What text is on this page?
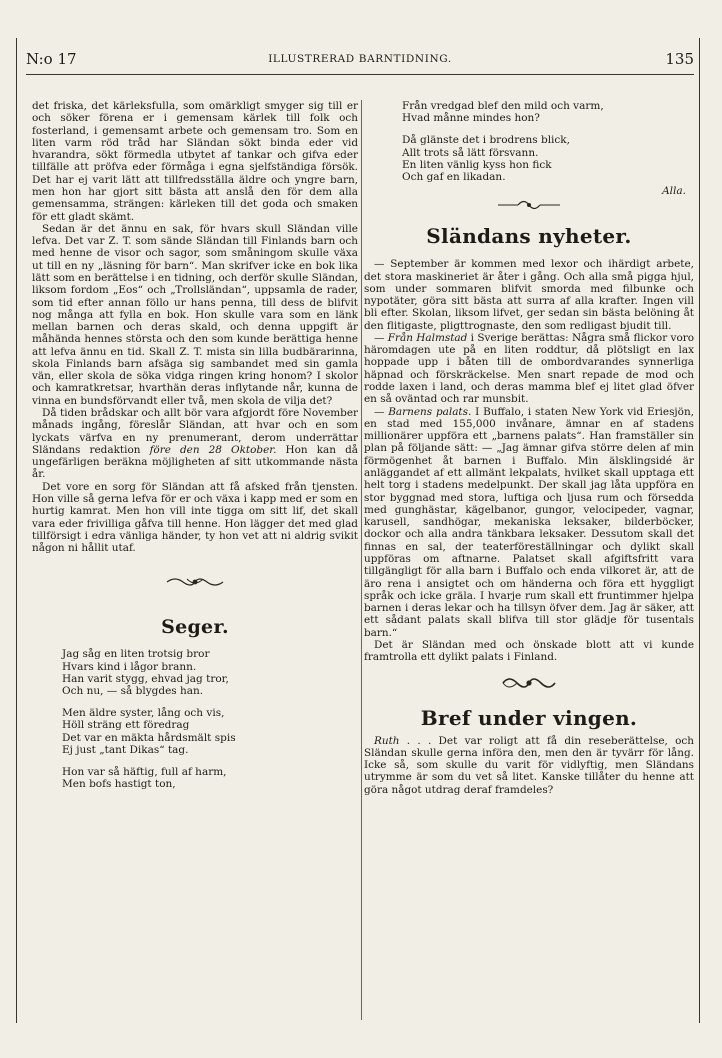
N:o 17	ILLUSTRERAD BARNTIDNING.	135

det friska, det kärleksfulla, som omärkligt smyger sig till er och söker förena er i gemensam kärlek till folk och fosterland, i gemensamt arbete och gemensam tro. Som en liten varm röd tråd har Sländan sökt binda eder vid hvarandra, sökt förmedla utbytet af tankar och gifva eder tillfälle att pröfva eder förmåga i egna sjelfständiga försök. Det har ej varit lätt att tillfredsställa äldre och yngre barn, men hon har gjort sitt bästa att anslå den för dem alla gemensamma, strängen: kärleken till det goda och smaken för ett gladt skämt.

Sedan är det ännu en sak, för hvars skull Sländan ville lefva. Det var Z. T. som sände Sländan till Finlands barn och med henne de visor och sagor, som småningom skulle växa ut till en ny „läsning för barn“. Man skrifver icke en bok lika lätt som en berättelse i en tidning, och derför skulle Sländan, liksom fordom „Eos“ och „Trollsländan“, uppsamla de rader, som tid efter annan föllo ur hans penna, till dess de blifvit nog många att fylla en bok. Hon skulle vara som en länk mellan barnen och deras skald, och denna uppgift är måhända hennes största och den som kunde berättiga henne att lefva ännu en tid. Skall Z. T. mista sin lilla budbärarinna, skola Finlands barn afsäga sig sambandet med sin gamla vän, eller skola de söka vidga ringen kring honom? I skolor och kamratkretsar, hvarthän deras inflytande når, kunna de vinna en bundsförvandt eller två, men skola de vilja det?

Då tiden brådskar och allt bör vara afgjordt före November månads ingång, föreslår Sländan, att hvar och en som lyckats värfva en ny prenumerant, derom underrättar Sländans redaktion före den 28 Oktober. Hon kan då ungefärligen beräkna möjligheten af sitt utkommande nästa år.

Det vore en sorg för Sländan att få afsked från tjensten. Hon ville så gerna lefva för er och växa i kapp med er som en hurtig kamrat. Men hon vill inte tigga om sitt lif, det skall vara eder frivilliga gåfva till henne. Hon lägger det med glad tillförsigt i edra vänliga händer, ty hon vet att ni aldrig svikit någon ni hållit utaf.

Seger.
Jag såg en liten trotsig bror
Hvars kind i lågor brann.
Han varit stygg, ehvad jag tror,
Och nu, — så blygdes han.
Men äldre syster, lång och vis,
Höll sträng ett föredrag
Det var en mäkta hårdsmält spis
Ej just „tant Dikas“ tag.
Hon var så häftig, full af harm,
Men bofs hastigt ton,
Från vredgad blef den mild och varm,
Hvad månne mindes hon?
Då glänste det i brodrens blick,
Allt trots så lätt försvann.
En liten vänlig kyss hon fick
Och gaf en likadan.

Alla.

Sländans nyheter.

— September är kommen med lexor och ihärdigt arbete, det stora maskineriet är åter i gång. Och alla små pigga hjul, som under sommaren blifvit smorda med filbunke och nypotäter, göra sitt bästa att surra af alla krafter. Ingen vill bli efter. Skolan, liksom lifvet, ger sedan sin bästa belöning åt den flitigaste, pligttrognaste, den som redligast bjudit till.

— Från Halmstad i Sverige berättas: Några små flickor voro häromdagen ute på en liten roddtur, då plötsligt en lax hoppade upp i båten till de ombordvarandes synnerliga häpnad och förskräckelse. Men snart repade de mod och rodde laxen i land, och deras mamma blef ej litet glad öfver en så oväntad och rar munsbit.

— Barnens palats. I Buffalo, i staten New York vid Eriesjön, en stad med 155,000 invånare, ämnar en af stadens millionärer uppföra ett „barnens palats“. Han framställer sin plan på följande sätt: — „Jag ämnar gifva större delen af min förmögenhet åt barnen i Buffalo. Min älsklingsidé är anläggandet af ett allmänt lekpalats, hvilket skall upptaga ett helt torg i stadens medelpunkt. Der skall jag låta uppföra en stor byggnad med stora, luftiga och ljusa rum och försedda med gunghästar, kägelbanor, gungor, velocipeder, vagnar, karusell, sandhögar, mekaniska leksaker, bilderböcker, dockor och alla andra tänkbara leksaker. Dessutom skall det finnas en sal, der teaterföreställningar och dylikt skall uppföras om aftnarne. Palatset skall afgiftsfritt vara tillgängligt för alla barn i Buffalo och enda vilkoret är, att de äro rena i ansigtet och om händerna och föra ett hyggligt språk och icke gräla. I hvarje rum skall ett fruntimmer hjelpa barnen i deras lekar och ha tillsyn öfver dem. Jag är säker, att ett sådant palats skall blifva till stor glädje för tusentals barn.“

Det är Sländan med och önskade blott att vi kunde framtrolla ett dylikt palats i Finland.

Bref under vingen.

Ruth . . . Det var roligt att få din reseberättelse, och Sländan skulle gerna införa den, men den är tyvärr för lång. Icke så, som skulle du varit för vidlyftig, men Sländans utrymme är som du vet så litet. Kanske tillåter du henne att göra något utdrag deraf framdeles?
